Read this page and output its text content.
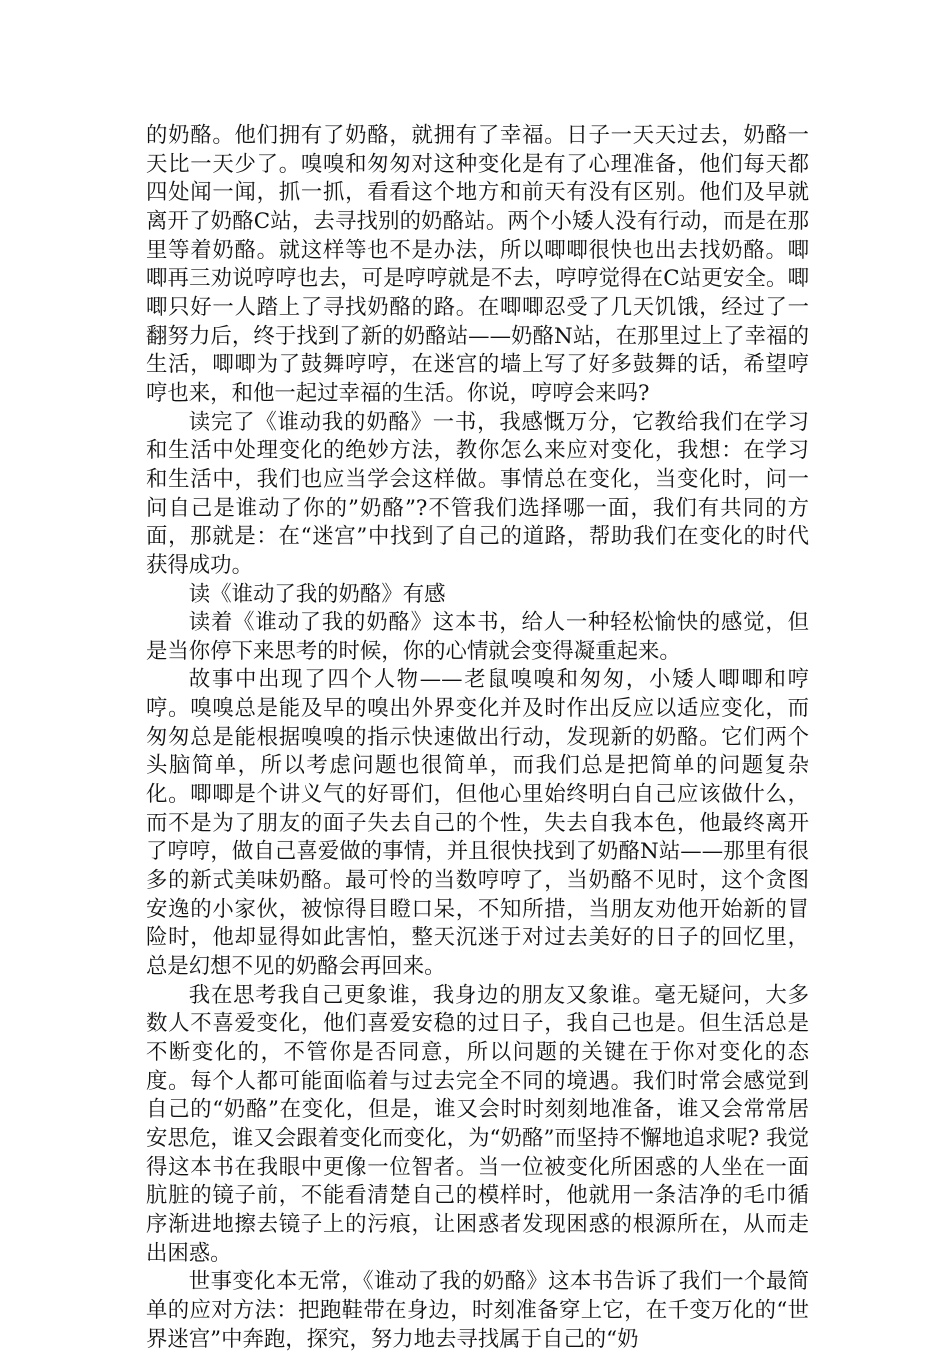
的奶酪。他们拥有了奶酪，就拥有了幸福。日子一天天过去，奶酪一天比一天少了。嗅嗅和匆匆对这种变化是有了心理准备，他们每天都四处闻一闻，抓一抓，看看这个地方和前天有没有区别。他们及早就离开了奶酪C站，去寻找别的奶酪站。两个小矮人没有行动，而是在那里等着奶酪。就这样等也不是办法，所以唧唧很快也出去找奶酪。唧唧再三劝说哼哼也去，可是哼哼就是不去，哼哼觉得在C站更安全。唧唧只好一人踏上了寻找奶酪的路。在唧唧忍受了几天饥饿，经过了一翻努力后，终于找到了新的奶酪站——奶酪N站，在那里过上了幸福的生活，唧唧为了鼓舞哼哼，在迷宫的墙上写了好多鼓舞的话，希望哼哼也来，和他一起过幸福的生活。你说，哼哼会来吗?

读完了《谁动我的奶酪》一书，我感慨万分，它教给我们在学习和生活中处理变化的绝妙方法，教你怎么来应对变化，我想：在学习和生活中，我们也应当学会这样做。事情总在变化，当变化时，问一问自己是谁动了你的”奶酪”?不管我们选择哪一面，我们有共同的方面，那就是：在“迷宫”中找到了自己的道路，帮助我们在变化的时代获得成功。

读《谁动了我的奶酪》有感

读着《谁动了我的奶酪》这本书，给人一种轻松愉快的感觉，但是当你停下来思考的时候，你的心情就会变得凝重起来。

故事中出现了四个人物——老鼠嗅嗅和匆匆，小矮人唧唧和哼哼。嗅嗅总是能及早的嗅出外界变化并及时作出反应以适应变化，而匆匆总是能根据嗅嗅的指示快速做出行动，发现新的奶酪。它们两个头脑简单，所以考虑问题也很简单，而我们总是把简单的问题复杂化。唧唧是个讲义气的好哥们，但他心里始终明白自己应该做什么，而不是为了朋友的面子失去自己的个性，失去自我本色，他最终离开了哼哼，做自己喜爱做的事情，并且很快找到了奶酪N站——那里有很多的新式美味奶酪。最可怜的当数哼哼了，当奶酪不见时，这个贪图安逸的小家伙，被惊得目瞪口呆，不知所措，当朋友劝他开始新的冒险时，他却显得如此害怕，整天沉迷于对过去美好的日子的回忆里，总是幻想不见的奶酪会再回来。

我在思考我自己更象谁，我身边的朋友又象谁。毫无疑问，大多数人不喜爱变化，他们喜爱安稳的过日子，我自己也是。但生活总是不断变化的，不管你是否同意，所以问题的关键在于你对变化的态度。每个人都可能面临着与过去完全不同的境遇。我们时常会感觉到自己的“奶酪”在变化，但是，谁又会时时刻刻地准备，谁又会常常居安思危，谁又会跟着变化而变化，为“奶酪”而坚持不懈地追求呢? 我觉得这本书在我眼中更像一位智者。当一位被变化所困惑的人坐在一面肮脏的镜子前，不能看清楚自己的模样时，他就用一条洁净的毛巾循序渐进地擦去镜子上的污痕，让困惑者发现困惑的根源所在，从而走出困惑。

世事变化本无常，《谁动了我的奶酪》这本书告诉了我们一个最简单的应对方法：把跑鞋带在身边，时刻准备穿上它，在千变万化的“世界迷宫”中奔跑，探究，努力地去寻找属于自己的“奶
